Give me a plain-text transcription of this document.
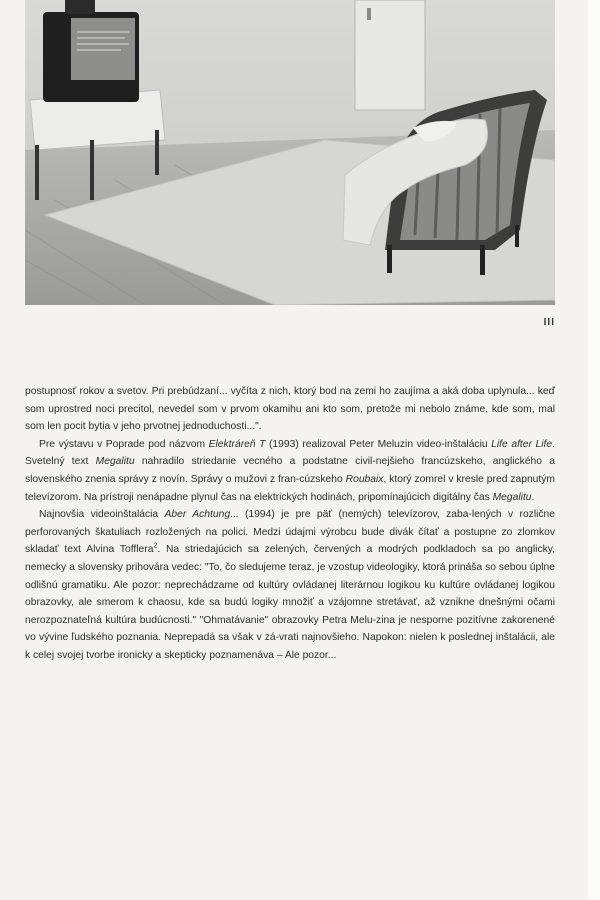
III

postupnosť rokov a svetov. Pri prebúdzaní... vyčíta z nich, ktorý bod na zemi ho zaujíma a aká doba uplynula... keď som uprostred noci precitol, nevedel som v prvom okamihu ani kto som, pretože mi nebolo známe, kde som, mal som len pocit bytia v jeho prvotnej jednoduchosti...".

Pre výstavu v Poprade pod názvom Elektráreň T (1993) realizoval Peter Meluzin video-inštaláciu Life after Life. Svetelný text Megalitu nahradilo striedanie vecného a podstatne civil-nejšieho francúzskeho, anglického a slovenského znenia správy z novín. Správy o mužovi z fran-cúzskeho Roubaix, ktorý zomrel v kresle pred zapnutým televízorom. Na prístroji nenápadne plynul čas na elektrických hodinách, pripomínajúcich digitálny čas Megalitu.

Najnovšia videoinštalácia Aber Achtung... (1994) je pre päť (nemých) televízorov, zaba-lených v rozlične perforovaných škatuliach rozložených na polici. Medzi údajmi výrobcu bude divák čítať a postupne zo zlomkov skladať text Alvina Tofflera$^2$. Na striedajúcich sa zelených, červených a modrých podkladoch sa po anglicky, nemecky a slovensky prihovára vedec: "To, čo sledujeme teraz, je vzostup videologiky, ktorá prináša so sebou úplne odlišnú gramatiku. Ale pozor: neprechádzame od kultúry ovládanej literárnou logikou ku kultúre ovládanej logikou obrazovky, ale smerom k chaosu, kde sa budú logiky množiť a vzájomne stretávať, až vznikne dnešnými očami nerozpoznateľná kultúra budúcnosti." "Ohmatávanie" obrazovky Petra Melu-zina je nesporne pozitívne zakorenené vo vývine ľudského poznania. Neprepadá sa však v zá-vrati najnovšieho. Napokon: nielen k poslednej inštalácii, ale k celej svojej tvorbe ironicky a skepticky poznamenáva – Ale pozor...
